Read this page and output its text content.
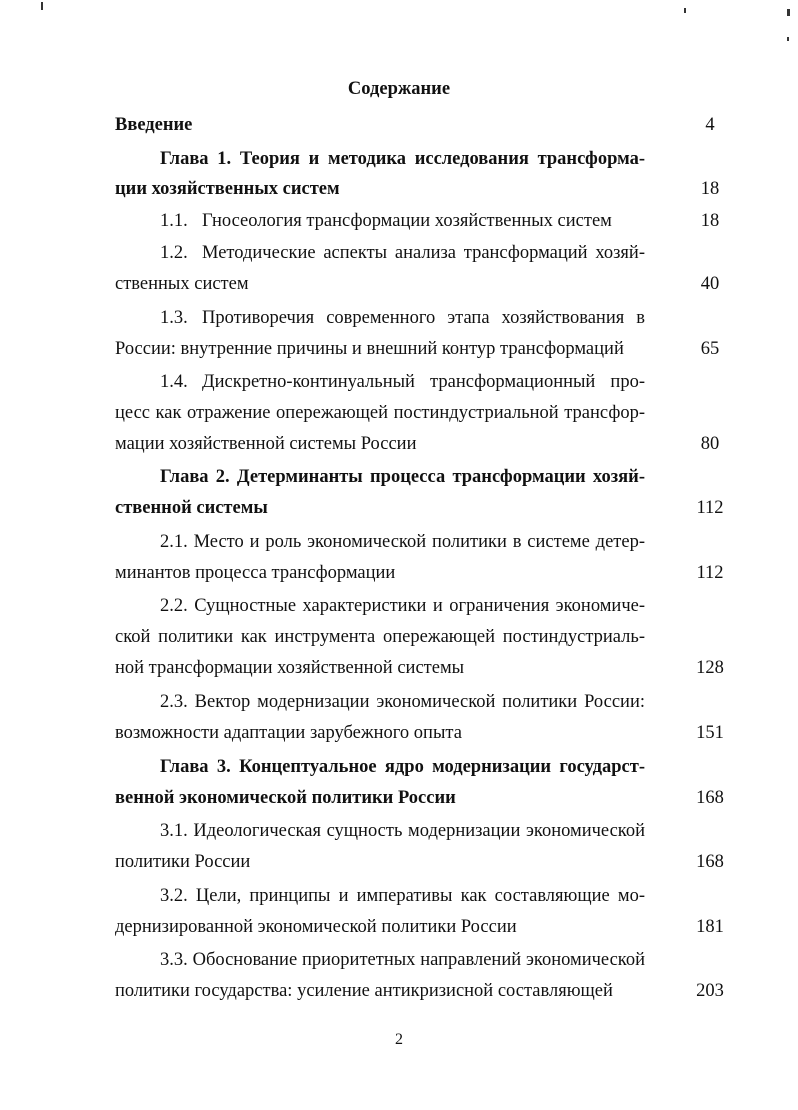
Содержание
Введение	4
Глава 1. Теория и методика исследования трансформа-
ции хозяйственных систем	18
1.1. Гносеология трансформации хозяйственных систем	18
1.2. Методические аспекты анализа трансформаций хозяй-
ственных систем	40
1.3. Противоречия современного этапа хозяйствования в
России: внутренние причины и внешний контур трансформаций	65
1.4. Дискретно-континуальный трансформационный про-
цесс как отражение опережающей постиндустриальной трансфор-
мации хозяйственной системы России	80
Глава 2. Детерминанты процесса трансформации хозяй-
ственной системы	112
2.1. Место и роль экономической политики в системе детер-
минантов процесса трансформации	112
2.2. Сущностные характеристики и ограничения экономиче-
ской политики как инструмента опережающей постиндустриаль-
ной трансформации хозяйственной системы	128
2.3. Вектор модернизации экономической политики России:
возможности адаптации зарубежного опыта	151
Глава 3. Концептуальное ядро модернизации государст-
венной экономической политики России	168
3.1. Идеологическая сущность модернизации экономической
политики России	168
3.2. Цели, принципы и императивы как составляющие мо-
дернизированной экономической политики России	181
3.3. Обоснование приоритетных направлений экономической
политики государства: усиление антикризисной составляющей	203
2
